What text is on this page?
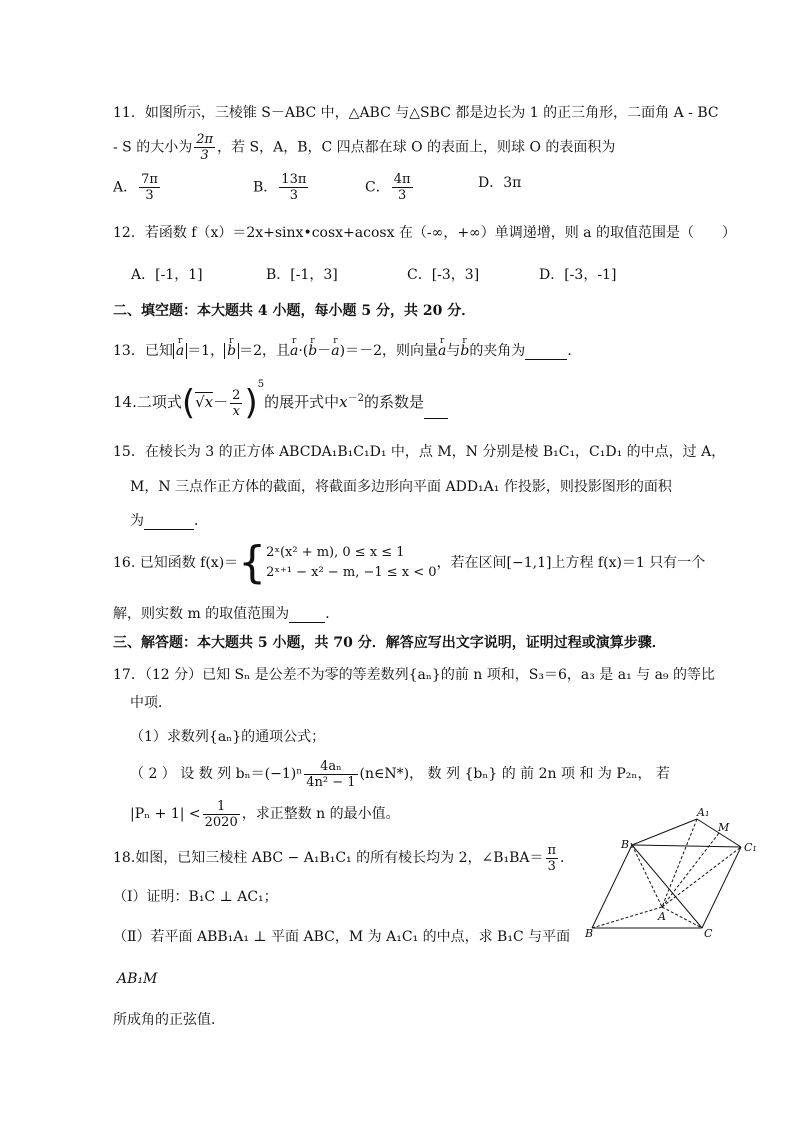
11．如图所示，三棱锥 S－ABC 中，△ABC 与△SBC 都是边长为 1 的正三角形，二面角 A - BC
- S 的大小为 $\frac{2\pi}{3}$ ，若 S，A，B，C 四点都在球 O 的表面上，则球 O 的表面积为
A． $\frac{7\pi}{3}$	B． $\frac{13\pi}{3}$	C． $\frac{4\pi}{3}$	D．3π
12．若函数 f（x）＝2x+sinx•cosx+acosx 在（-∞，+∞）单调递增，则 a 的取值范围是（　　）
A．[-1，1]	B．[-1，3]	C．[-3，3]	D．[-3，-1]
二、填空题：本大题共 4 小题，每小题 5 分，共 20 分．
13．已知 r a ＝1， r b ＝2，且r a·(r b－r a)＝－2，则向量r a与r b的夹角为	．
14.二项式$(√x- \frac{2}{x} )^5$的展开式中$x^{-2}$的系数是
15．在棱长为 3 的正方体 ABCDA₁B₁C₁D₁ 中，点 M，N 分别是棱 B₁C₁，C₁D₁ 的中点，过 A，
M，N 三点作正方体的截面，将截面多边形向平面 ADD₁A₁ 作投影，则投影图形的面积
为	．
16. 已知函数 f(x)＝{ 2ˣ(x² + m), 0 ≤ x ≤ 1
2ˣ⁺¹ − x² − m, −1 ≤ x < 0
，若在区间[−1,1]上方程 f(x)＝1 只有一个
解，则实数 m 的取值范围为	．
三、解答题：本大题共 5 小题，共 70 分．解答应写出文字说明，证明过程或演算步骤．
17．（12 分）已知 Sₙ 是公差不为零的等差数列{aₙ}的前 n 项和，S₃＝6，a₃ 是 a₁ 与 a₉ 的等比
中项．
（1）求数列{aₙ}的通项公式；
（ 2 ） 设 数 列 $b_n=(-1)^n \frac{\text{4aₙ}}{\text{4n² − 1}}$ (n∈N*)， 数 列 {bₙ} 的 前 2n 项 和 为 P₂ₙ， 若
$|P_n + 1| < \frac{1}{2020}$ ，求正整数 n 的最小值。
18.如图，已知三棱柱 ABC − A₁B₁C₁ 的所有棱长均为 2，∠B₁BA＝ $\frac{\pi}{3}$ ．
（Ⅰ）证明：B₁C ⊥ AC₁；
（Ⅱ）若平面 ABB₁A₁ ⊥ 平面 ABC，M 为 A₁C₁ 的中点，求 B₁C 与平面
AB₁M
所成角的正弦值．
A₁
M
B₁	C₁
A
B	C
